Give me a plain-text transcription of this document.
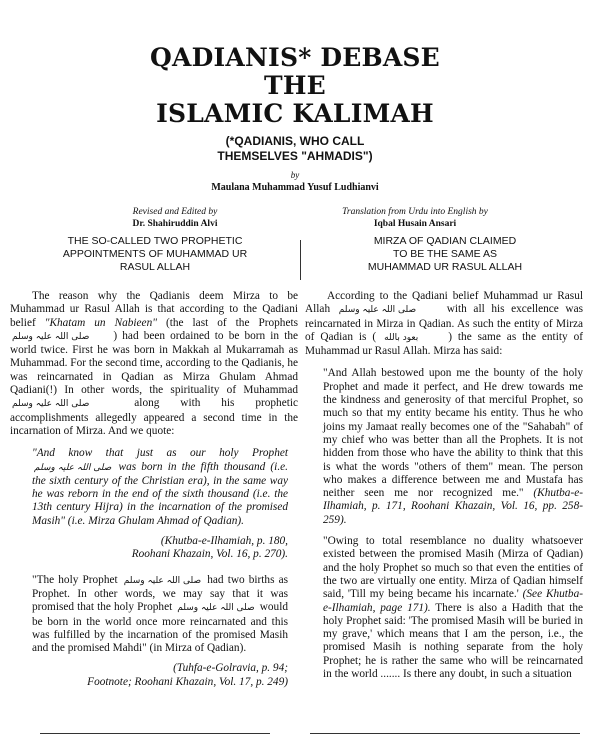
QADIANIS* DEBASE
THE
ISLAMIC KALIMAH
(*QADIANIS, WHO CALL
THEMSELVES "AHMADIS")
by
Maulana Muhammad Yusuf Ludhianvi
Revised and Edited by
Dr. Shahiruddin Alvi
Translation from Urdu into English by
Iqbal Husain Ansari
THE SO-CALLED TWO PROPHETIC
APPOINTMENTS OF MUHAMMAD UR
RASUL ALLAH
MIRZA OF QADIAN CLAIMED
TO BE THE SAME AS
MUHAMMAD UR RASUL ALLAH

The reason why the Qadianis deem Mirza to be Muhammad ur Rasul Allah is that according to the Qadiani belief "Khatam un Nabieen" (the last of the Prophets صلی اللہ علیہ وسلم ) had been ordained to be born in the world twice. First he was born in Makkah al Mukarramah as Muhammad. For the second time, according to the Qadianis, he was reincarnated in Qadian as Mirza Ghulam Ahmad Qadiani(!) In other words, the spirituality of Muhammad صلی اللہ علیہ وسلم along with his prophetic accomplishments allegedly appeared a second time in the incarnation of Mirza. And we quote:

"And know that just as our holy Prophet صلی اللہ علیہ وسلم was born in the fifth thousand (i.e. the sixth century of the Christian era), in the same way he was reborn in the end of the sixth thousand (i.e. the 13th century Hijra) in the incarnation of the promised Masih" (i.e. Mirza Ghulam Ahmad of Qadian).

(Khutba-e-Ilhamiah, p. 180,
Roohani Khazain, Vol. 16, p. 270).

"The holy Prophet صلی اللہ علیہ وسلم had two births as Prophet. In other words, we may say that it was promised that the holy Prophet صلی اللہ علیہ وسلم would be born in the world once more reincarnated and this was fulfilled by the incarnation of the promised Masih and the promised Mahdi" (in Mirza of Qadian).

(Tuhfa-e-Golravia, p. 94;
Footnote; Roohani Khazain, Vol. 17, p. 249)

According to the Qadiani belief Muhammad ur Rasul Allah صلی اللہ علیہ وسلم with all his excellence was reincarnated in Mirza in Qadian. As such the entity of Mirza of Qadian is ( بعود بالله ) the same as the entity of Muhammad ur Rasul Allah. Mirza has said:

"And Allah bestowed upon me the bounty of the holy Prophet and made it perfect, and He drew towards me the kindness and generosity of that merciful Prophet, so much so that my entity became his entity. Thus he who joins my Jamaat really becomes one of the "Sahabah" of my chief who was better than all the Prophets. It is not hidden from those who have the ability to think that this is what the words "others of them" mean. The person who makes a difference between me and Mustafa has neither seen me nor recognized me." (Khutba-e-Ilhamiah, p. 171, Roohani Khazain, Vol. 16, pp. 258-259).

"Owing to total resemblance no duality whatsoever existed between the promised Masih (Mirza of Qadian) and the holy Prophet so much so that even the entities of the two are virtually one entity. Mirza of Qadian himself said, 'Till my being became his incarnate.' (See Khutba-e-Ilhamiah, page 171). There is also a Hadith that the holy Prophet said: 'The promised Masih will be buried in my grave,' which means that I am the person, i.e., the promised Masih is nothing separate from the holy Prophet; he is rather the same who will be reincarnated in the world ....... Is there any doubt, in such a situation
